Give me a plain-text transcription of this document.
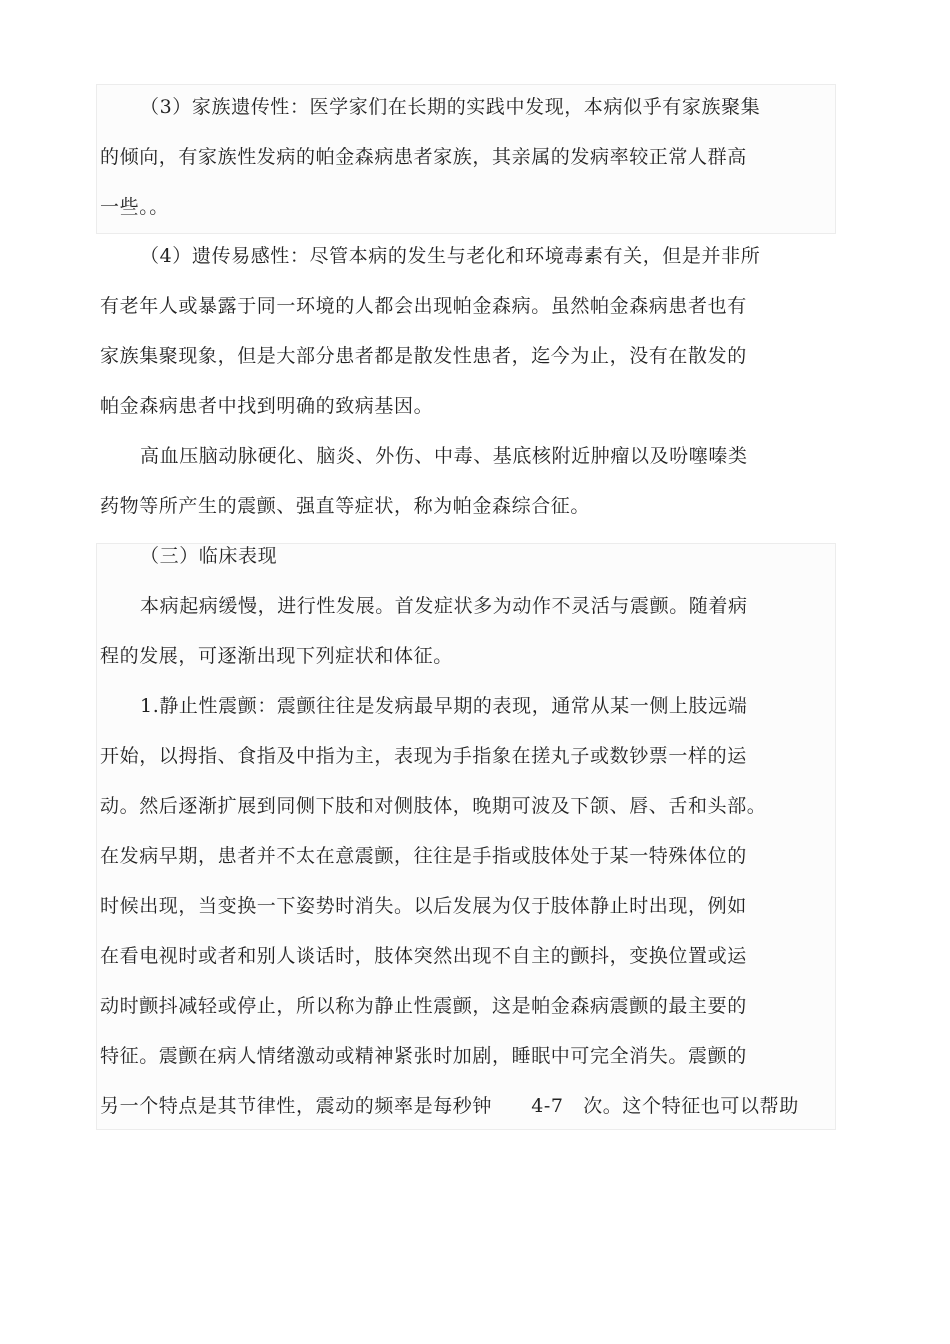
（3）家族遗传性：医学家们在长期的实践中发现，本病似乎有家族聚集
的倾向，有家族性发病的帕金森病患者家族，其亲属的发病率较正常人群高
一些。。
（4）遗传易感性：尽管本病的发生与老化和环境毒素有关，但是并非所
有老年人或暴露于同一环境的人都会出现帕金森病。虽然帕金森病患者也有
家族集聚现象，但是大部分患者都是散发性患者，迄今为止，没有在散发的
帕金森病患者中找到明确的致病基因。
高血压脑动脉硬化、脑炎、外伤、中毒、基底核附近肿瘤以及吩噻嗪类
药物等所产生的震颤、强直等症状，称为帕金森综合征。
（三）临床表现
本病起病缓慢，进行性发展。首发症状多为动作不灵活与震颤。随着病
程的发展，可逐渐出现下列症状和体征。
1.静止性震颤：震颤往往是发病最早期的表现，通常从某一侧上肢远端
开始，以拇指、食指及中指为主，表现为手指象在搓丸子或数钞票一样的运
动。然后逐渐扩展到同侧下肢和对侧肢体，晚期可波及下颌、唇、舌和头部。
在发病早期，患者并不太在意震颤，往往是手指或肢体处于某一特殊体位的
时候出现，当变换一下姿势时消失。以后发展为仅于肢体静止时出现，例如
在看电视时或者和别人谈话时，肢体突然出现不自主的颤抖，变换位置或运
动时颤抖减轻或停止，所以称为静止性震颤，这是帕金森病震颤的最主要的
特征。震颤在病人情绪激动或精神紧张时加剧，睡眠中可完全消失。震颤的
另一个特点是其节律性，震动的频率是每秒钟　　4-7　次。这个特征也可以帮助
